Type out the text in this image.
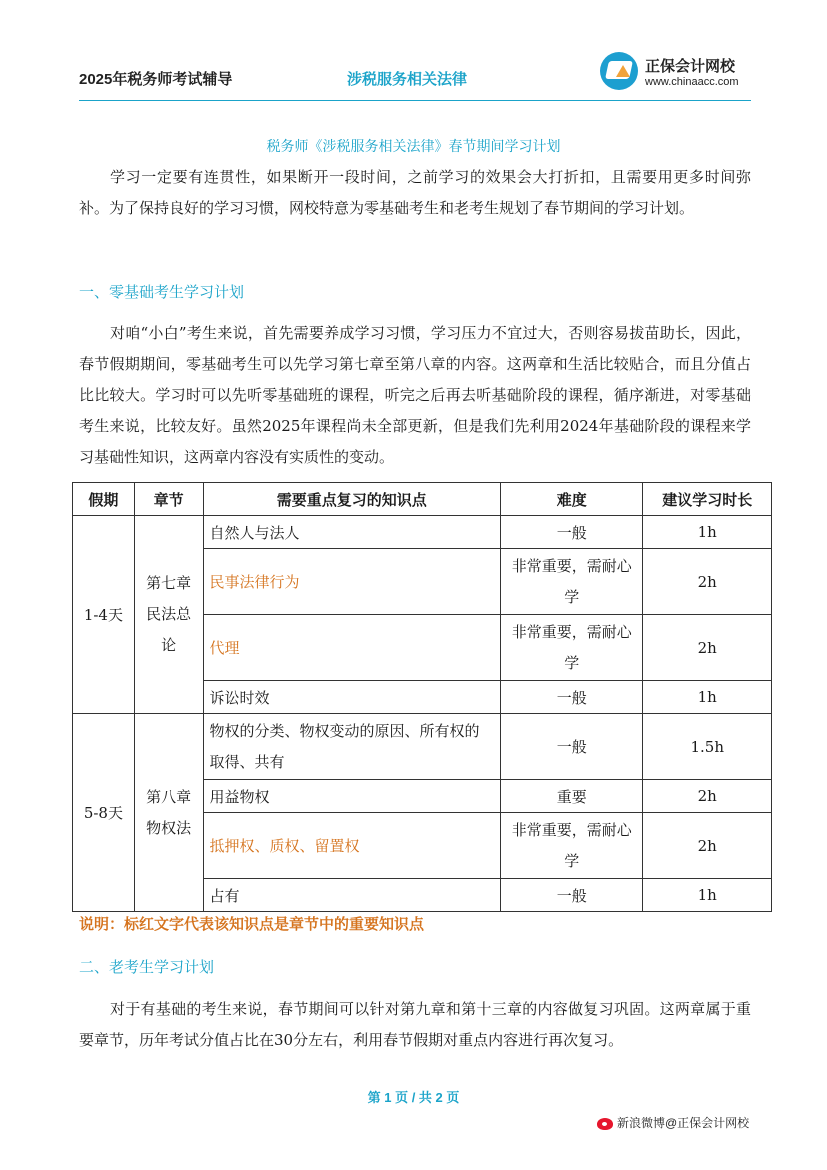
2025年税务师考试辅导	涉税服务相关法律
正保会计网校
www.chinaacc.com
税务师《涉税服务相关法律》春节期间学习计划
学习一定要有连贯性，如果断开一段时间，之前学习的效果会大打折扣，且需要用更多时间弥补。为了保持良好的学习习惯，网校特意为零基础考生和老考生规划了春节期间的学习计划。
一、零基础考生学习计划
对咱“小白”考生来说，首先需要养成学习习惯，学习压力不宜过大，否则容易拔苗助长，因此，春节假期期间，零基础考生可以先学习第七章至第八章的内容。这两章和生活比较贴合，而且分值占比比较大。学习时可以先听零基础班的课程，听完之后再去听基础阶段的课程，循序渐进，对零基础考生来说，比较友好。虽然2025年课程尚未全部更新，但是我们先利用2024年基础阶段的课程来学习基础性知识，这两章内容没有实质性的变动。
假期	章节	需要重点复习的知识点	难度	建议学习时长
1-4天	第七章 民法总论	自然人与法人	一般	1h
		民事法律行为	非常重要，需耐心学	2h
		代理	非常重要，需耐心学	2h
		诉讼时效	一般	1h
5-8天	第八章 物权法	物权的分类、物权变动的原因、所有权的取得、共有	一般	1.5h
		用益物权	重要	2h
		抵押权、质权、留置权	非常重要，需耐心学	2h
		占有	一般	1h
说明：标红文字代表该知识点是章节中的重要知识点
二、老考生学习计划
对于有基础的考生来说，春节期间可以针对第九章和第十三章的内容做复习巩固。这两章属于重要章节，历年考试分值占比在30分左右，利用春节假期对重点内容进行再次复习。
第 1 页 / 共 2 页
新浪微博@正保会计网校
